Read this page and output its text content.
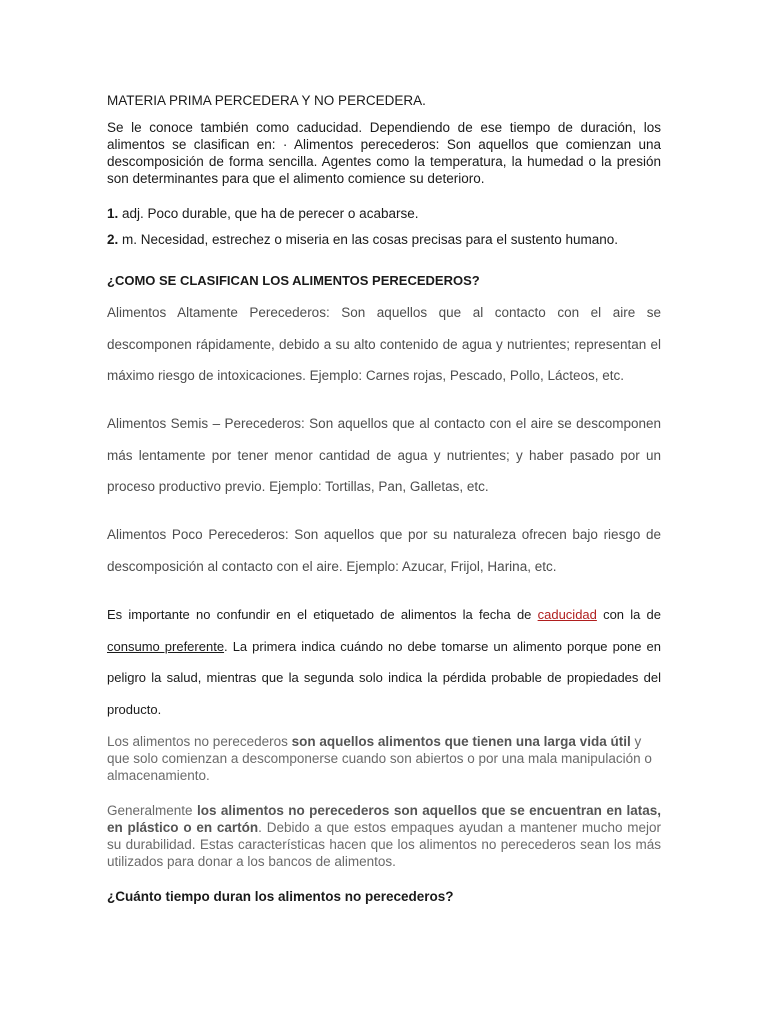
MATERIA PRIMA PERCEDERA Y NO PERCEDERA.

Se le conoce también como caducidad. Dependiendo de ese tiempo de duración, los alimentos se clasifican en: · Alimentos perecederos: Son aquellos que comienzan una descomposición de forma sencilla. Agentes como la temperatura, la humedad o la presión son determinantes para que el alimento comience su deterioro.

1. adj. Poco durable, que ha de perecer o acabarse.

2. m. Necesidad, estrechez o miseria en las cosas precisas para el sustento humano.

¿COMO SE CLASIFICAN LOS ALIMENTOS PERECEDEROS?

Alimentos Altamente Perecederos: Son aquellos que al contacto con el aire se descomponen rápidamente, debido a su alto contenido de agua y nutrientes; representan el máximo riesgo de intoxicaciones. Ejemplo: Carnes rojas, Pescado, Pollo, Lácteos, etc.

Alimentos Semis – Perecederos: Son aquellos que al contacto con el aire se descomponen más lentamente por tener menor cantidad de agua y nutrientes; y haber pasado por un proceso productivo previo. Ejemplo: Tortillas, Pan, Galletas, etc.

Alimentos Poco Perecederos: Son aquellos que por su naturaleza ofrecen bajo riesgo de descomposición al contacto con el aire. Ejemplo: Azucar, Frijol, Harina, etc.

Es importante no confundir en el etiquetado de alimentos la fecha de caducidad con la de consumo preferente. La primera indica cuándo no debe tomarse un alimento porque pone en peligro la salud, mientras que la segunda solo indica la pérdida probable de propiedades del producto.

Los alimentos no perecederos son aquellos alimentos que tienen una larga vida útil y que solo comienzan a descomponerse cuando son abiertos o por una mala manipulación o almacenamiento.

Generalmente los alimentos no perecederos son aquellos que se encuentran en latas, en plástico o en cartón. Debido a que estos empaques ayudan a mantener mucho mejor su durabilidad. Estas características hacen que los alimentos no perecederos sean los más utilizados para donar a los bancos de alimentos.

¿Cuánto tiempo duran los alimentos no perecederos?
